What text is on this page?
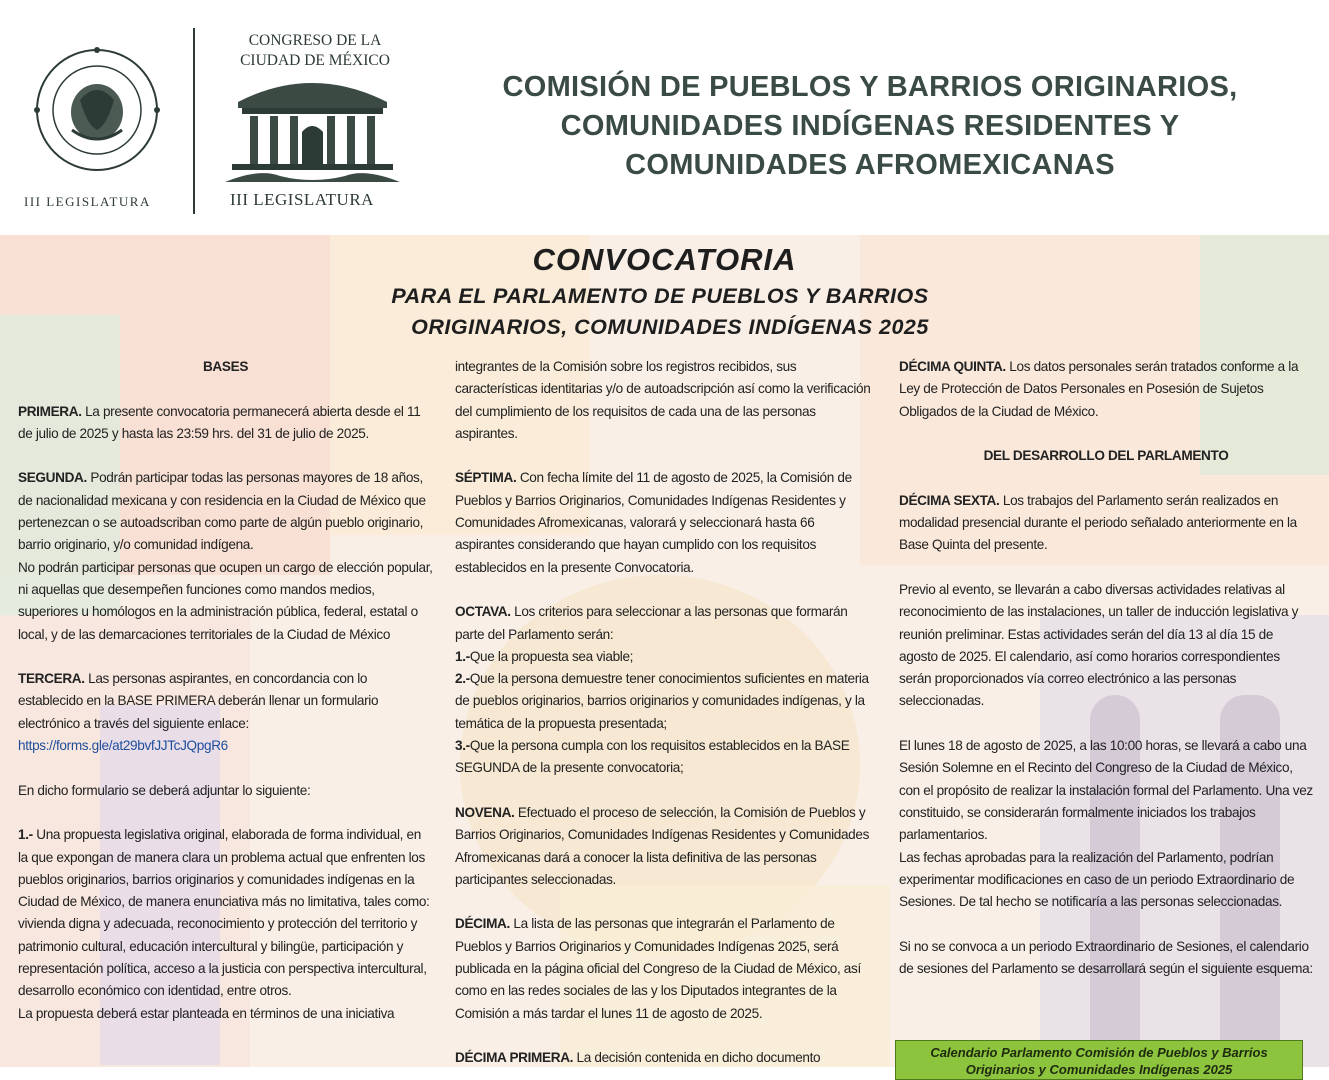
III LEGISLATURA
CONGRESO DE LA
CIUDAD DE MÉXICO
III LEGISLATURA
COMISIÓN DE PUEBLOS Y BARRIOS ORIGINARIOS,
COMUNIDADES INDÍGENAS RESIDENTES Y
COMUNIDADES AFROMEXICANAS
CONVOCATORIA
PARA EL PARLAMENTO DE PUEBLOS Y BARRIOS
ORIGINARIOS, COMUNIDADES INDÍGENAS 2025

BASES

PRIMERA. La presente convocatoria permanecerá abierta desde el 11 de julio de 2025 y hasta las 23:59 hrs. del 31 de julio de 2025.

SEGUNDA. Podrán participar todas las personas mayores de 18 años, de nacionalidad mexicana y con residencia en la Ciudad de México que pertenezcan o se autoadscriban como parte de algún pueblo originario, barrio originario, y/o comunidad indígena.

No podrán participar personas que ocupen un cargo de elección popular, ni aquellas que desempeñen funciones como mandos medios, superiores u homólogos en la administración pública, federal, estatal o local, y de las demarcaciones territoriales de la Ciudad de México

TERCERA. Las personas aspirantes, en concordancia con lo establecido en la BASE PRIMERA deberán llenar un formulario electrónico a través del siguiente enlace:

https://forms.gle/at29bvfJJTcJQpgR6

En dicho formulario se deberá adjuntar lo siguiente:

1.- Una propuesta legislativa original, elaborada de forma individual, en la que expongan de manera clara un problema actual que enfrenten los pueblos originarios, barrios originarios y comunidades indígenas en la Ciudad de México, de manera enunciativa más no limitativa, tales como: vivienda digna y adecuada, reconocimiento y protección del territorio y patrimonio cultural, educación intercultural y bilingüe, participación y representación política, acceso a la justicia con perspectiva intercultural, desarrollo económico con identidad, entre otros.

La propuesta deberá estar planteada en términos de una iniciativa

integrantes de la Comisión sobre los registros recibidos, sus características identitarias y/o de autoadscripción así como la verificación del cumplimiento de los requisitos de cada una de las personas aspirantes.

SÉPTIMA. Con fecha límite del 11 de agosto de 2025, la Comisión de Pueblos y Barrios Originarios, Comunidades Indígenas Residentes y Comunidades Afromexicanas, valorará y seleccionará hasta 66 aspirantes considerando que hayan cumplido con los requisitos establecidos en la presente Convocatoria.

OCTAVA. Los criterios para seleccionar a las personas que formarán parte del Parlamento serán:

1.-Que la propuesta sea viable;

2.-Que la persona demuestre tener conocimientos suficientes en materia de pueblos originarios, barrios originarios y comunidades indígenas, y la temática de la propuesta presentada;

3.-Que la persona cumpla con los requisitos establecidos en la BASE SEGUNDA de la presente convocatoria;

NOVENA. Efectuado el proceso de selección, la Comisión de Pueblos y Barrios Originarios, Comunidades Indígenas Residentes y Comunidades Afromexicanas dará a conocer la lista definitiva de las personas participantes seleccionadas.

DÉCIMA. La lista de las personas que integrarán el Parlamento de Pueblos y Barrios Originarios y Comunidades Indígenas 2025, será publicada en la página oficial del Congreso de la Ciudad de México, así como en las redes sociales de las y los Diputados integrantes de la Comisión a más tardar el lunes 11 de agosto de 2025.

DÉCIMA PRIMERA. La decisión contenida en dicho documento

DÉCIMA QUINTA. Los datos personales serán tratados conforme a la Ley de Protección de Datos Personales en Posesión de Sujetos Obligados de la Ciudad de México.

DEL DESARROLLO DEL PARLAMENTO

DÉCIMA SEXTA. Los trabajos del Parlamento serán realizados en modalidad presencial durante el periodo señalado anteriormente en la Base Quinta del presente.

Previo al evento, se llevarán a cabo diversas actividades relativas al reconocimiento de las instalaciones, un taller de inducción legislativa y reunión preliminar. Estas actividades serán del día 13 al día 15 de agosto de 2025. El calendario, así como horarios correspondientes serán proporcionados vía correo electrónico a las personas seleccionadas.

El lunes 18 de agosto de 2025, a las 10:00 horas, se llevará a cabo una Sesión Solemne en el Recinto del Congreso de la Ciudad de México, con el propósito de realizar la instalación formal del Parlamento. Una vez constituido, se considerarán formalmente iniciados los trabajos parlamentarios.

Las fechas aprobadas para la realización del Parlamento, podrían experimentar modificaciones en caso de un periodo Extraordinario de Sesiones. De tal hecho se notificaría a las personas seleccionadas.

Si no se convoca a un periodo Extraordinario de Sesiones, el calendario de sesiones del Parlamento se desarrollará según el siguiente esquema:

Calendario Parlamento Comisión de Pueblos y Barrios Originarios y Comunidades Indígenas 2025
